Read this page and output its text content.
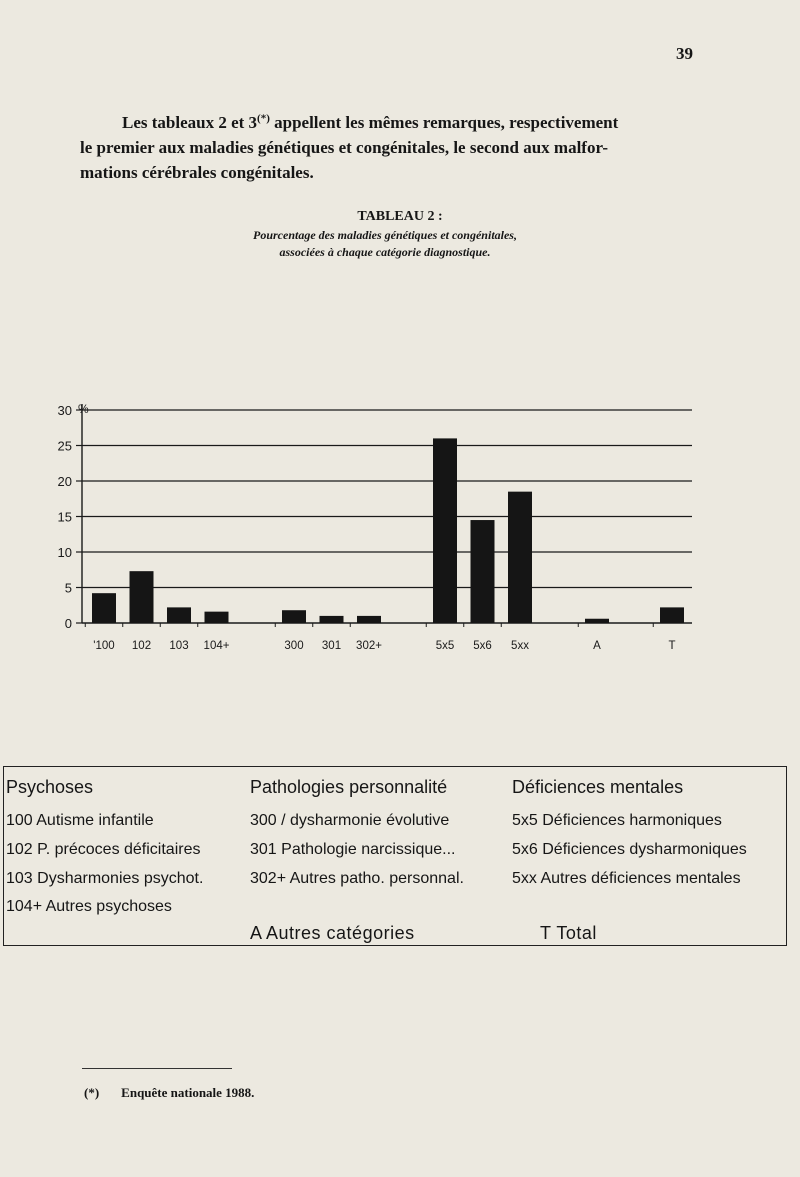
39
Les tableaux 2 et 3(*) appellent les mêmes remarques, respectivement
le premier aux maladies génétiques et congénitales, le second aux malfor-
mations cérébrales congénitales.
TABLEAU 2 :
Pourcentage des maladies génétiques et congénitales,
associées à chaque catégorie diagnostique.
30
25
20
15
10
5
0
%
'100 102 103 104+	300 301 302+	5x5 5x6 5xx	A	T
Psychoses
100 Autisme infantile
102 P. précoces déficitaires
103 Dysharmonies psychot.
104+ Autres psychoses
Pathologies personnalité
300 / dysharmonie évolutive
301 Pathologie narcissique...
302+ Autres patho. personnal.
Déficiences mentales
5x5 Déficiences harmoniques
5x6 Déficiences dysharmoniques
5xx Autres déficiences mentales
A Autres catégories	T Total
(*) Enquête nationale 1988.
